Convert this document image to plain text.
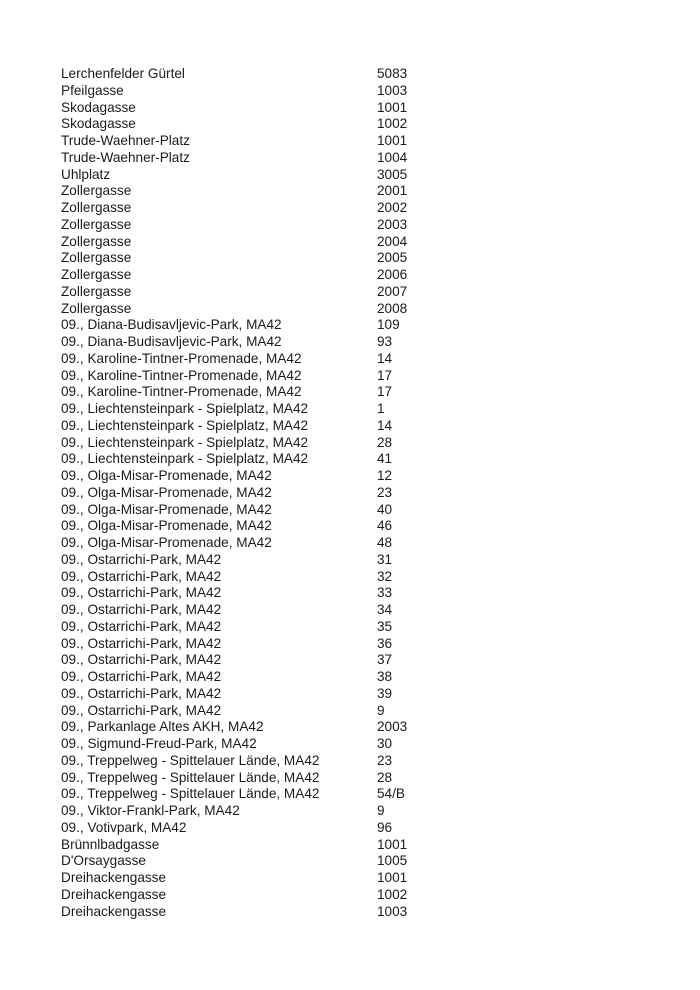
Lerchenfelder Gürtel	5083
Pfeilgasse	1003
Skodagasse	1001
Skodagasse	1002
Trude-Waehner-Platz	1001
Trude-Waehner-Platz	1004
Uhlplatz	3005
Zollergasse	2001
Zollergasse	2002
Zollergasse	2003
Zollergasse	2004
Zollergasse	2005
Zollergasse	2006
Zollergasse	2007
Zollergasse	2008
09., Diana-Budisavljevic-Park, MA42	109
09., Diana-Budisavljevic-Park, MA42	93
09., Karoline-Tintner-Promenade, MA42	14
09., Karoline-Tintner-Promenade, MA42	17
09., Karoline-Tintner-Promenade, MA42	17
09., Liechtensteinpark - Spielplatz, MA42	1
09., Liechtensteinpark - Spielplatz, MA42	14
09., Liechtensteinpark - Spielplatz, MA42	28
09., Liechtensteinpark - Spielplatz, MA42	41
09., Olga-Misar-Promenade, MA42	12
09., Olga-Misar-Promenade, MA42	23
09., Olga-Misar-Promenade, MA42	40
09., Olga-Misar-Promenade, MA42	46
09., Olga-Misar-Promenade, MA42	48
09., Ostarrichi-Park, MA42	31
09., Ostarrichi-Park, MA42	32
09., Ostarrichi-Park, MA42	33
09., Ostarrichi-Park, MA42	34
09., Ostarrichi-Park, MA42	35
09., Ostarrichi-Park, MA42	36
09., Ostarrichi-Park, MA42	37
09., Ostarrichi-Park, MA42	38
09., Ostarrichi-Park, MA42	39
09., Ostarrichi-Park, MA42	9
09., Parkanlage Altes AKH, MA42	2003
09., Sigmund-Freud-Park, MA42	30
09., Treppelweg - Spittelauer Lände, MA42	23
09., Treppelweg - Spittelauer Lände, MA42	28
09., Treppelweg - Spittelauer Lände, MA42	54/B
09., Viktor-Frankl-Park, MA42	9
09., Votivpark, MA42	96
Brünnlbadgasse	1001
D'Orsaygasse	1005
Dreihackengasse	1001
Dreihackengasse	1002
Dreihackengasse	1003
